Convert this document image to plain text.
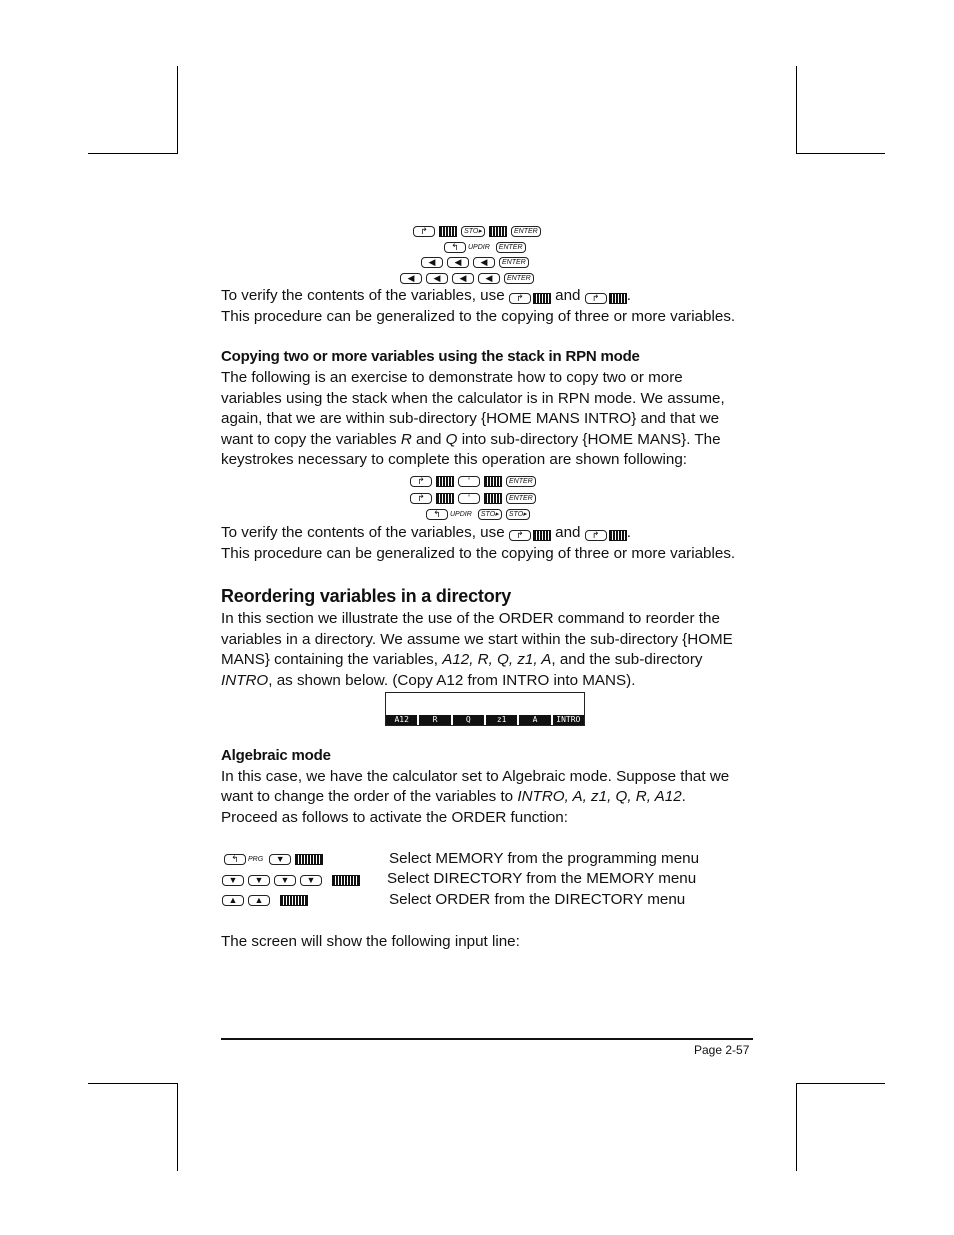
↱	STO▸	ENTER
↰	UPDIR	ENTER
◀	◀	◀	ENTER
◀	◀	◀	◀	ENTER

To verify the contents of the variables, use	↱	and	↱	.

This procedure can be generalized to the copying of three or more variables.

Copying two or more variables using the stack in RPN mode

The following is an exercise to demonstrate how to copy two or more

variables using the stack when the calculator is in RPN mode. We assume,

again, that we are within sub-directory {HOME MANS INTRO} and that we

want to copy the variables R and Q into sub-directory {HOME MANS}. The

keystrokes necessary to complete this operation are shown following:

↱	'	ENTER
↱	'	ENTER
↰	UPDIR	STO▸	STO▸

To verify the contents of the variables, use	↱	and	↱	.

This procedure can be generalized to the copying of three or more variables.

Reordering variables in a directory

In this section we illustrate the use of the ORDER command to reorder the

variables in a directory. We assume we start within the sub-directory {HOME

MANS} containing the variables, A12, R, Q, z1, A, and the sub-directory

INTRO, as shown below. (Copy A12 from INTRO into MANS).

A12	R	Q	z1	A	INTRO
Algebraic mode

In this case, we have the calculator set to Algebraic mode. Suppose that we

want to change the order of the variables to INTRO, A, z1, Q, R, A12.

Proceed as follows to activate the ORDER function:

↰	PRG	▼	Select MEMORY from the programming menu
▼	▼	▼	▼	Select DIRECTORY from the MEMORY menu
▲	▲	Select ORDER from the DIRECTORY menu

The screen will show the following input line:

Page 2-57
